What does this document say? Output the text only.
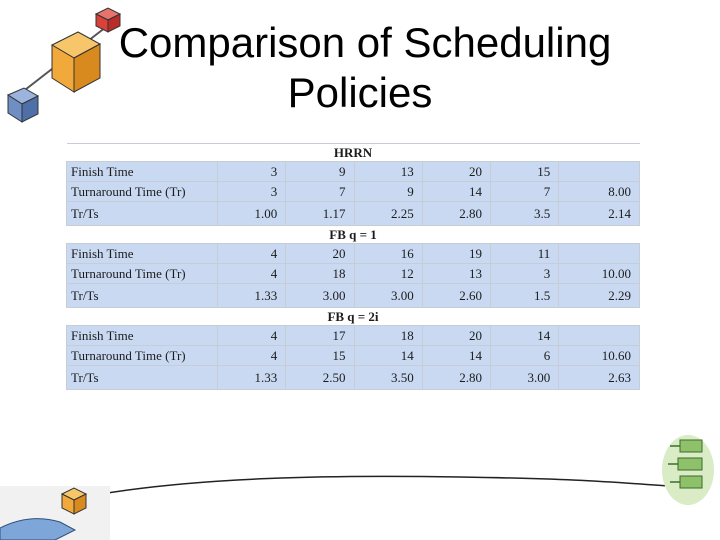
Comparison of Scheduling
Policies
HRRN						
Finish Time	3	9	13	20	15	
Turnaround Time (Tr)	3	7	9	14	7	8.00
Tr/Ts	1.00	1.17	2.25	2.80	3.5	2.14
FB q = 1						
Finish Time	4	20	16	19	11	
Turnaround Time (Tr)	4	18	12	13	3	10.00
Tr/Ts	1.33	3.00	3.00	2.60	1.5	2.29
FB q = 2i						
Finish Time	4	17	18	20	14	
Turnaround Time (Tr)	4	15	14	14	6	10.60
Tr/Ts	1.33	2.50	3.50	2.80	3.00	2.63
